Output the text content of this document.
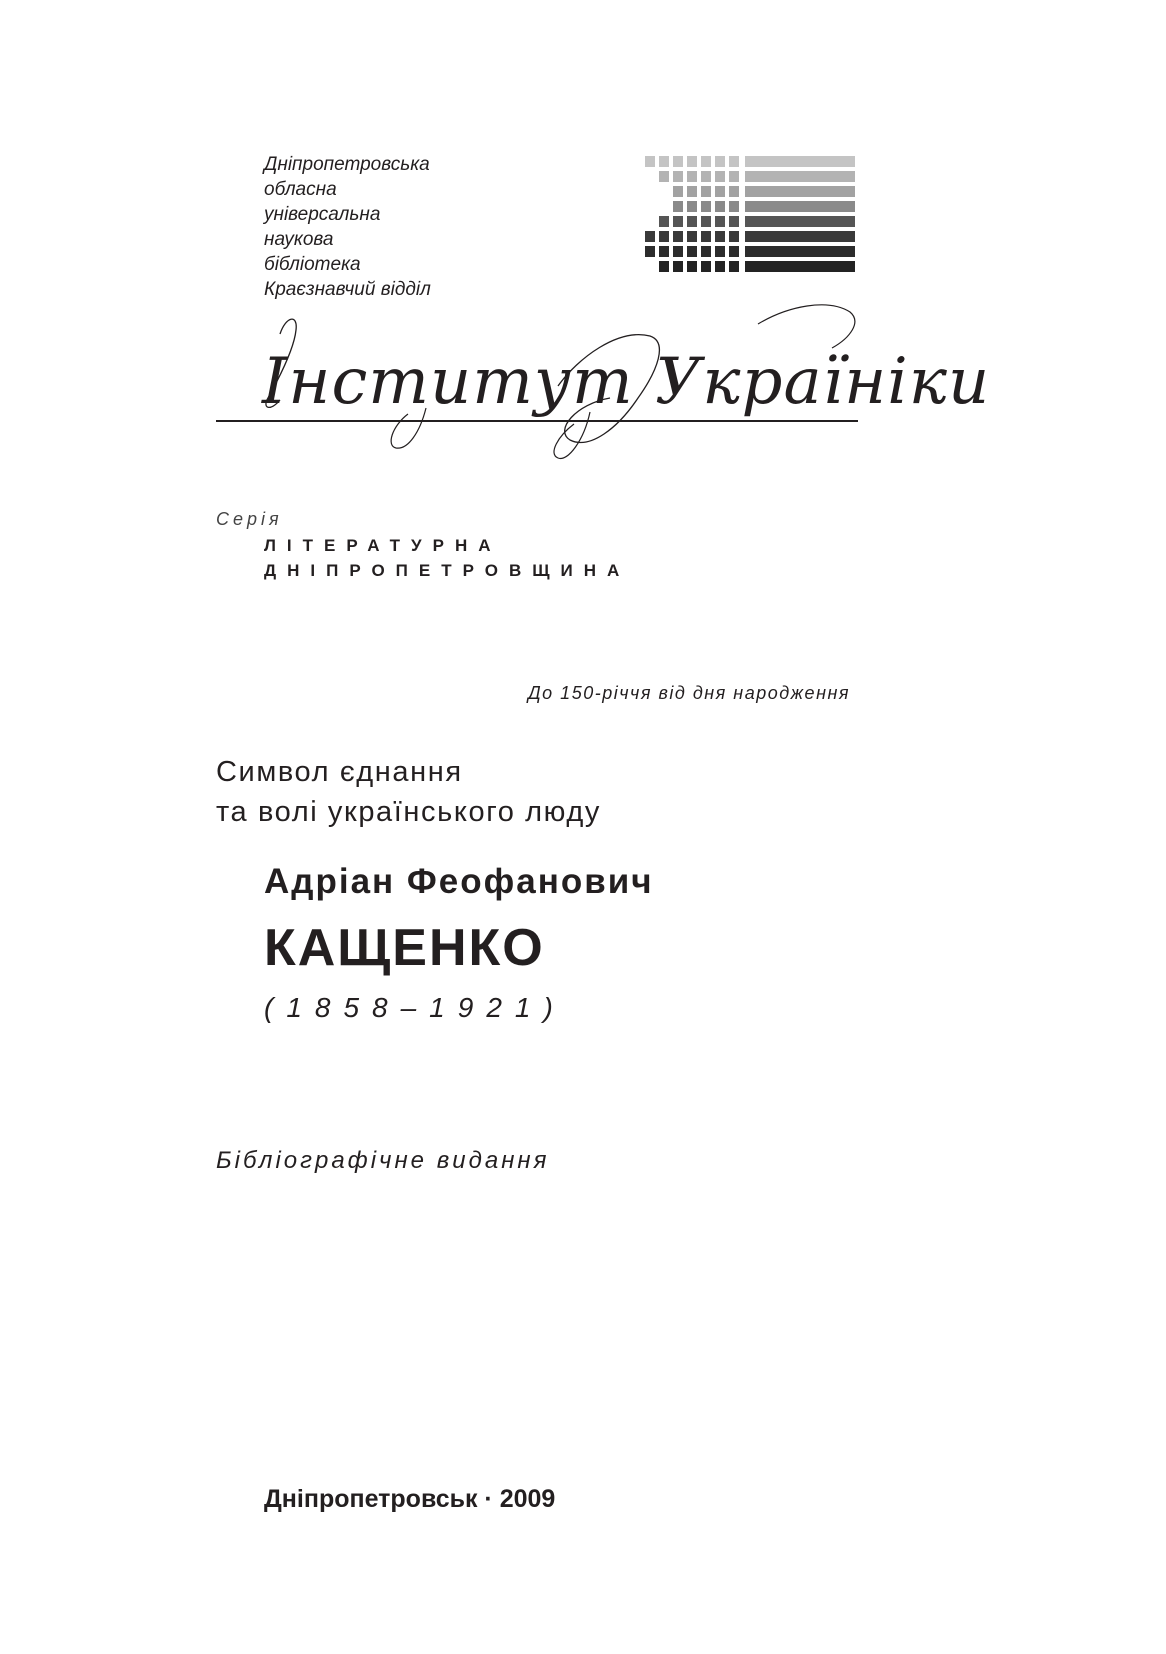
Дніпропетровська
обласна
універсальна
наукова
бібліотека
Краєзнавчий відділ
Інститут Українiки
Серія
ЛІТЕРАТУРНА
ДНІПРОПЕТРОВЩИНА
До 150-річчя від дня народження
Символ єднання
та волі українського люду
Адріан Феофанович
КАЩЕНКО
(1858–1921)
Бібліографічне видання
Дніпропетровськ · 2009
